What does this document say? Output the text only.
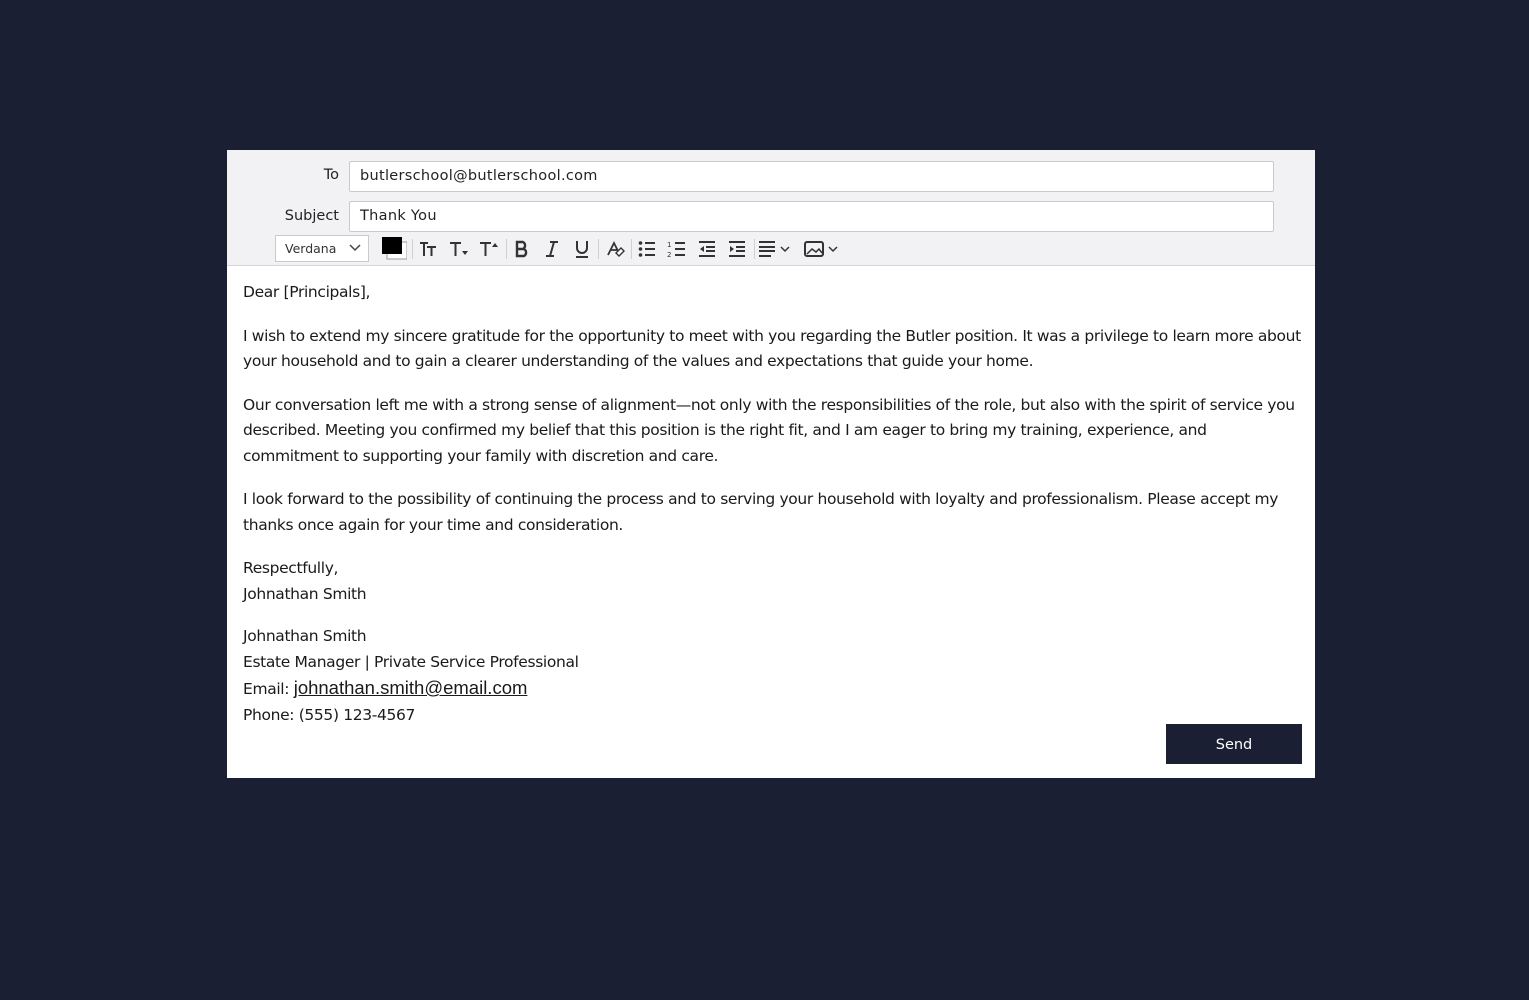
To	butlerschool@butlerschool.com
Subject	Thank You
Verdana	1
2

Dear [Principals],

I wish to extend my sincere gratitude for the opportunity to meet with you regarding the Butler position. It was a privilege to learn more about your household and to gain a clearer understanding of the values and expectations that guide your home.

Our conversation left me with a strong sense of alignment—not only with the responsibilities of the role, but also with the spirit of service you described. Meeting you confirmed my belief that this position is the right fit, and I am eager to bring my training, experience, and commitment to supporting your family with discretion and care.

I look forward to the possibility of continuing the process and to serving your household with loyalty and professionalism. Please accept my thanks once again for your time and consideration.

Respectfully,
Johnathan Smith

Johnathan Smith
Estate Manager | Private Service Professional
Email: johnathan.smith@email.com
Phone: (555) 123-4567

Send
